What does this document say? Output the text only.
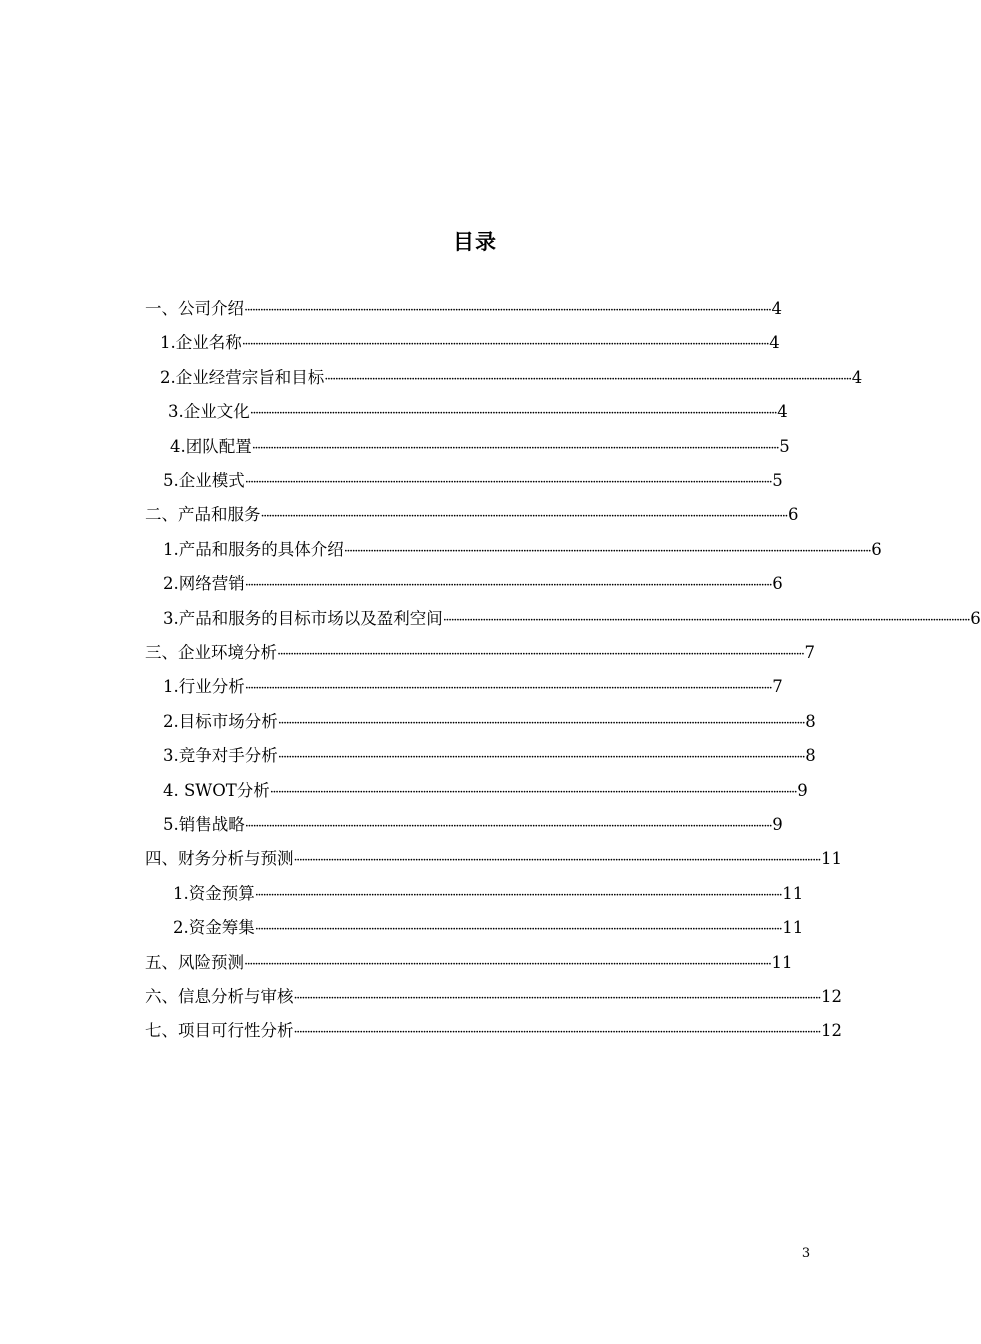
目录
一、公司介绍 ········································································································································································································ 4
1.企业名称 ········································································································································································································ 4
2.企业经营宗旨和目标 ········································································································································································································ 4
3.企业文化 ········································································································································································································ 4
4.团队配置 ········································································································································································································ 5
5.企业模式 ········································································································································································································ 5
二、产品和服务 ········································································································································································································ 6
1.产品和服务的具体介绍 ········································································································································································································ 6
2.网络营销 ········································································································································································································ 6
3.产品和服务的目标市场以及盈利空间 ········································································································································································································ 6
三、企业环境分析 ········································································································································································································ 7
1.行业分析 ········································································································································································································ 7
2.目标市场分析 ········································································································································································································ 8
3.竞争对手分析 ········································································································································································································ 8
4. SWOT分析 ········································································································································································································ 9
5.销售战略 ········································································································································································································ 9
四、财务分析与预测 ········································································································································································································ 11
1.资金预算 ········································································································································································································ 11
2.资金筹集 ········································································································································································································ 11
五、风险预测 ········································································································································································································ 11
六、信息分析与审核 ········································································································································································································ 12
七、项目可行性分析 ········································································································································································································ 12
3
